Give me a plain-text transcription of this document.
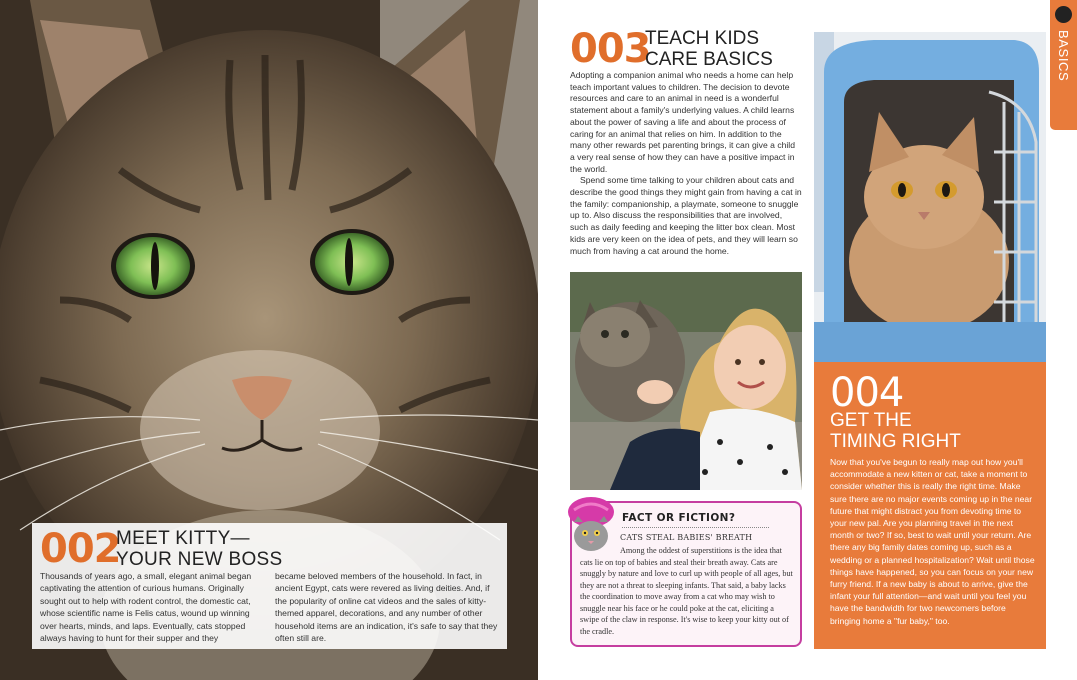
002
MEET KITTY—
YOUR NEW BOSS
Thousands of years ago, a small, elegant animal began captivating the attention of curious humans. Originally sought out to help with rodent control, the domestic cat, whose scientific name is Felis catus, wound up winning over hearts, minds, and laps. Eventually, cats stopped always having to hunt for their supper and they
became beloved members of the household. In fact, in ancient Egypt, cats were revered as living deities. And, if the popularity of online cat videos and the sales of kitty-themed apparel, decorations, and any number of other household items are an indication, it's safe to say that they often still are.
003
TEACH KIDS
CARE BASICS

Adopting a companion animal who needs a home can help teach important values to children. The decision to devote resources and care to an animal in need is a wonderful statement about a family's underlying values. A child learns about the power of saving a life and about the process of caring for an animal that relies on him. In addition to the many other rewards pet parenting brings, it can give a child a very real sense of how they can have a positive impact in the world.

Spend some time talking to your children about cats and describe the good things they might gain from having a cat in the family: companionship, a playmate, someone to snuggle up to. Also discuss the responsibilities that are involved, such as daily feeding and keeping the litter box clean. Most kids are very keen on the idea of pets, and they will learn so much from having a cat around the home.

004
GET THE
TIMING RIGHT
Now that you've begun to really map out how you'll accommodate a new kitten or cat, take a moment to consider whether this is really the right time. Make sure there are no major events coming up in the near future that might distract you from devoting time to your new pal. Are you planning travel in the next month or two? If so, best to wait until your return. Are there any big family dates coming up, such as a wedding or a planned hospitalization? Wait until those things have happened, so you can focus on your new furry friend. If a new baby is about to arrive, give the infant your full attention—and wait until you feel you have the bandwidth for two newcomers before bringing home a "fur baby," too.
FACT OR FICTION?
CATS STEAL BABIES' BREATH
Among the oddest of superstitions is the idea that cats lie on top of babies and steal their breath away. Cats are snuggly by nature and love to curl up with people of all ages, but they are not a threat to sleeping infants. That said, a baby lacks the coordination to move away from a cat who may wish to snuggle near his face or he could poke at the cat, eliciting a swipe of the claw in response. It's wise to keep your kitty out of the cradle.
BASICS
